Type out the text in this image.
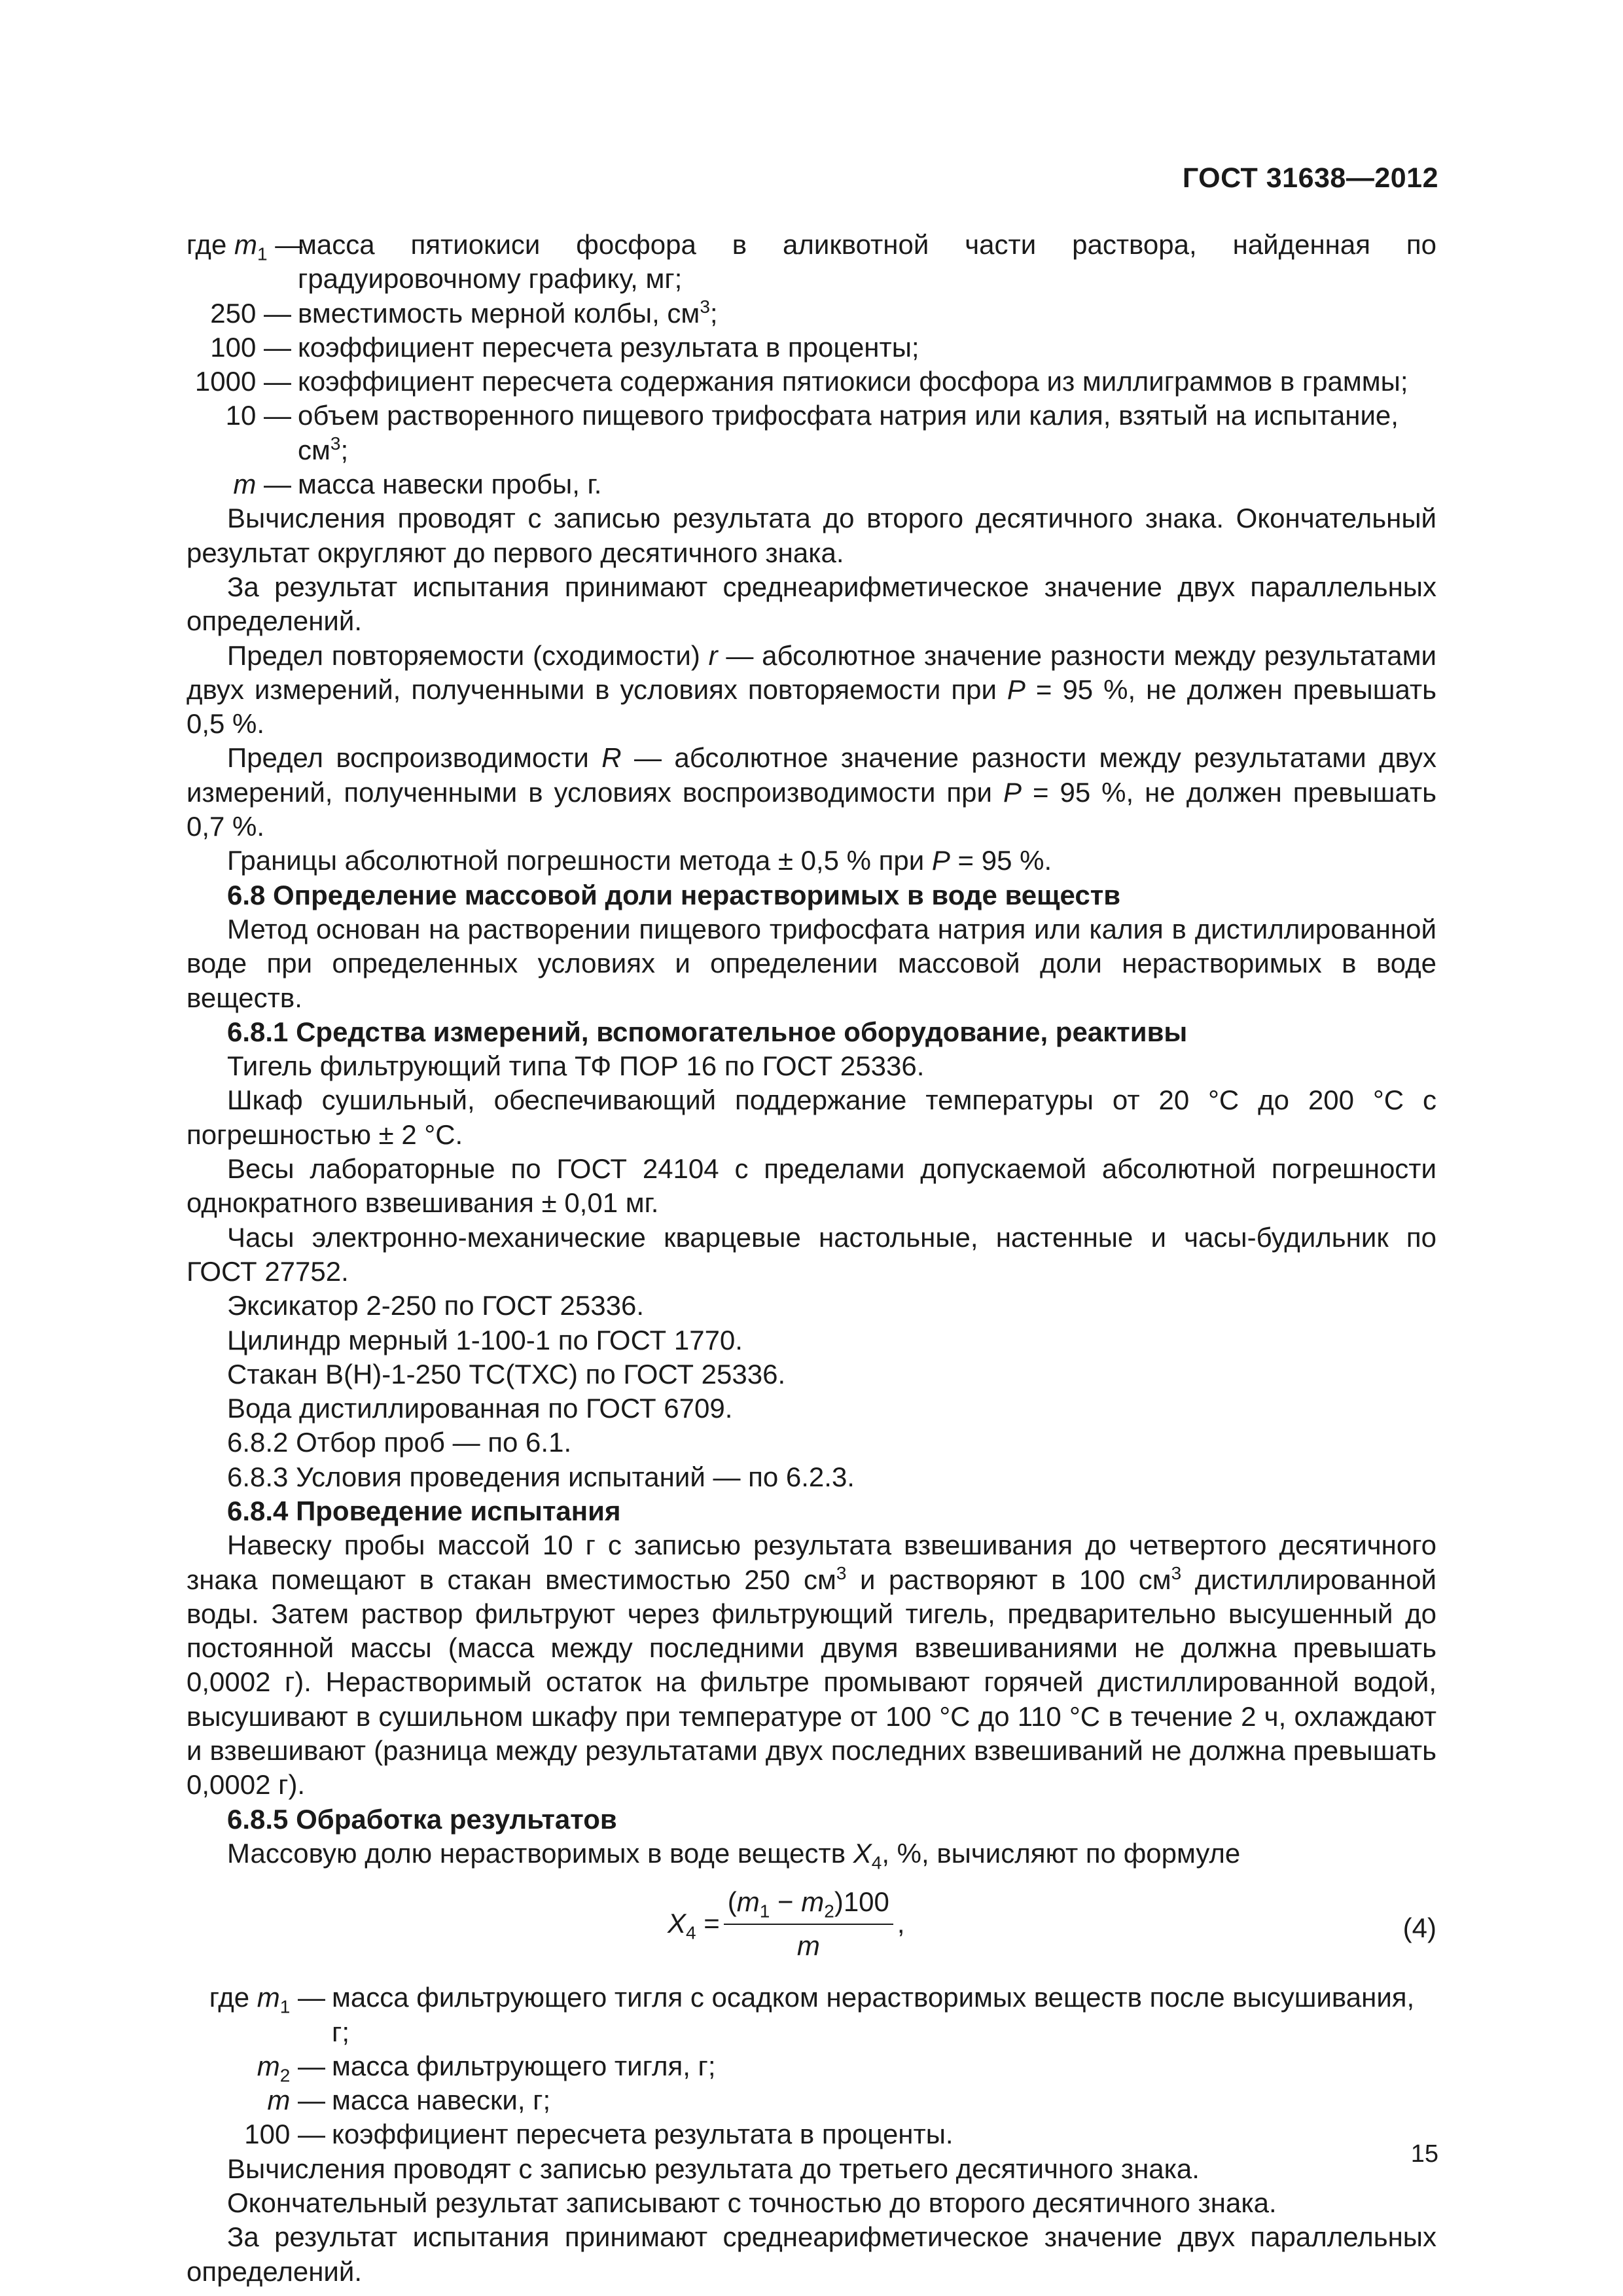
ГОСТ 31638—2012
где $m_1$ —
масса пятиокиси фосфора в аликвотной части раствора, найденная по градуировочному графику, мг;
250 — вместимость мерной колбы, $см^3$;
100 — коэффициент пересчета результата в проценты;
1000 — коэффициент пересчета содержания пятиокиси фосфора из миллиграммов в граммы;
10 — объем растворенного пищевого трифосфата натрия или калия, взятый на испытание, $см^3$;
m — масса навески пробы, г.

Вычисления проводят с записью результата до второго десятичного знака. Окончательный результат округляют до первого десятичного знака.

За результат испытания принимают среднеарифметическое значение двух параллельных определений.

Предел повторяемости (сходимости) r — абсолютное значение разности между результатами двух измерений, полученными в условиях повторяемости при P = 95 %, не должен превышать 0,5 %.

Предел воспроизводимости R — абсолютное значение разности между результатами двух измерений, полученными в условиях воспроизводимости при P = 95 %, не должен превышать 0,7 %.

Границы абсолютной погрешности метода ± 0,5 % при P = 95 %.

6.8 Определение массовой доли нерастворимых в воде веществ

Метод основан на растворении пищевого трифосфата натрия или калия в дистиллированной воде при определенных условиях и определении массовой доли нерастворимых в воде веществ.

6.8.1 Средства измерений, вспомогательное оборудование, реактивы

Тигель фильтрующий типа ТФ ПОР 16 по ГОСТ 25336.

Шкаф сушильный, обеспечивающий поддержание температуры от 20 °С до 200 °С с погрешностью ± 2 °С.

Весы лабораторные по ГОСТ 24104 с пределами допускаемой абсолютной погрешности однократного взвешивания ± 0,01 мг.

Часы электронно-механические кварцевые настольные, настенные и часы-будильник по ГОСТ 27752.

Эксикатор 2-250 по ГОСТ 25336.

Цилиндр мерный 1-100-1 по ГОСТ 1770.

Стакан В(Н)-1-250 ТС(ТХС) по ГОСТ 25336.

Вода дистиллированная по ГОСТ 6709.

6.8.2 Отбор проб — по 6.1.

6.8.3 Условия проведения испытаний — по 6.2.3.

6.8.4 Проведение испытания

Навеску пробы массой 10 г с записью результата взвешивания до четвертого десятичного знака помещают в стакан вместимостью 250 $см^3$ и растворяют в 100 $см^3$ дистиллированной воды. Затем раствор фильтруют через фильтрующий тигель, предварительно высушенный до постоянной массы (масса между последними двумя взвешиваниями не должна превышать 0,0002 г). Нерастворимый остаток на фильтре промывают горячей дистиллированной водой, высушивают в сушильном шкафу при температуре от 100 °С до 110 °С в течение 2 ч, охлаждают и взвешивают (разница между результатами двух последних взвешиваний не должна превышать 0,0002 г).

6.8.5 Обработка результатов

Массовую долю нерастворимых в воде веществ $X_4$, %, вычисляют по формуле

$X_4 = \frac{(m_1 - m_2)100}{m}$ ,	(4)
где $m_1$ — масса фильтрующего тигля с осадком нерастворимых веществ после высушивания, г;
$m_2$ — масса фильтрующего тигля, г;
m — масса навески, г;
100 — коэффициент пересчета результата в проценты.

Вычисления проводят с записью результата до третьего десятичного знака.

Окончательный результат записывают с точностью до второго десятичного знака.

За результат испытания принимают среднеарифметическое значение двух параллельных определений.

15
